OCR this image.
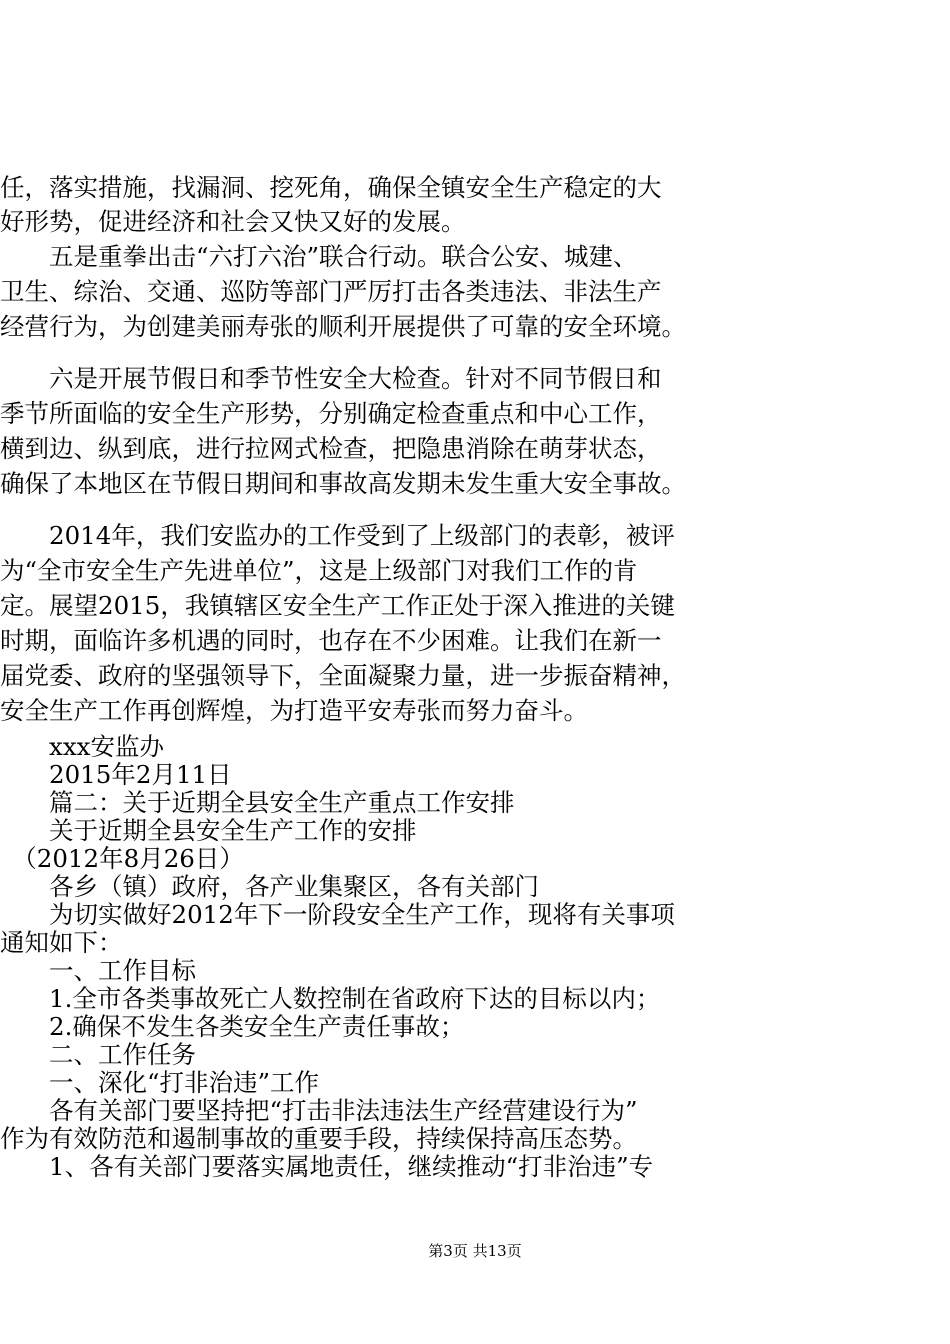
任，落实措施，找漏洞、挖死角，确保全镇安全生产稳定的大
好形势，促进经济和社会又快又好的发展。
　　五是重拳出击“六打六治”联合行动。联合公安、城建、
卫生、综治、交通、巡防等部门严厉打击各类违法、非法生产
经营行为，为创建美丽寿张的顺利开展提供了可靠的安全环境。
　　六是开展节假日和季节性安全大检查。针对不同节假日和
季节所面临的安全生产形势，分别确定检查重点和中心工作，
横到边、纵到底，进行拉网式检查，把隐患消除在萌芽状态，
确保了本地区在节假日期间和事故高发期未发生重大安全事故。
　　2014年，我们安监办的工作受到了上级部门的表彰，被评
为“全市安全生产先进单位”，这是上级部门对我们工作的肯
定。展望2015，我镇辖区安全生产工作正处于深入推进的关键
时期，面临许多机遇的同时，也存在不少困难。让我们在新一
届党委、政府的坚强领导下，全面凝聚力量，进一步振奋精神，
安全生产工作再创辉煌，为打造平安寿张而努力奋斗。
　　xxx安监办
　　2015年2月11日
　　篇二：关于近期全县安全生产重点工作安排
　　关于近期全县安全生产工作的安排
　（2012年8月26日）
　　各乡（镇）政府，各产业集聚区，各有关部门
　　为切实做好2012年下一阶段安全生产工作，现将有关事项
通知如下：
　　一、工作目标
　　1.全市各类事故死亡人数控制在省政府下达的目标以内；
　　2.确保不发生各类安全生产责任事故；
　　二、工作任务
　　一、深化“打非治违”工作
　　各有关部门要坚持把“打击非法违法生产经营建设行为”
作为有效防范和遏制事故的重要手段，持续保持高压态势。
　　1、各有关部门要落实属地责任，继续推动“打非治违”专
第3页 共13页
